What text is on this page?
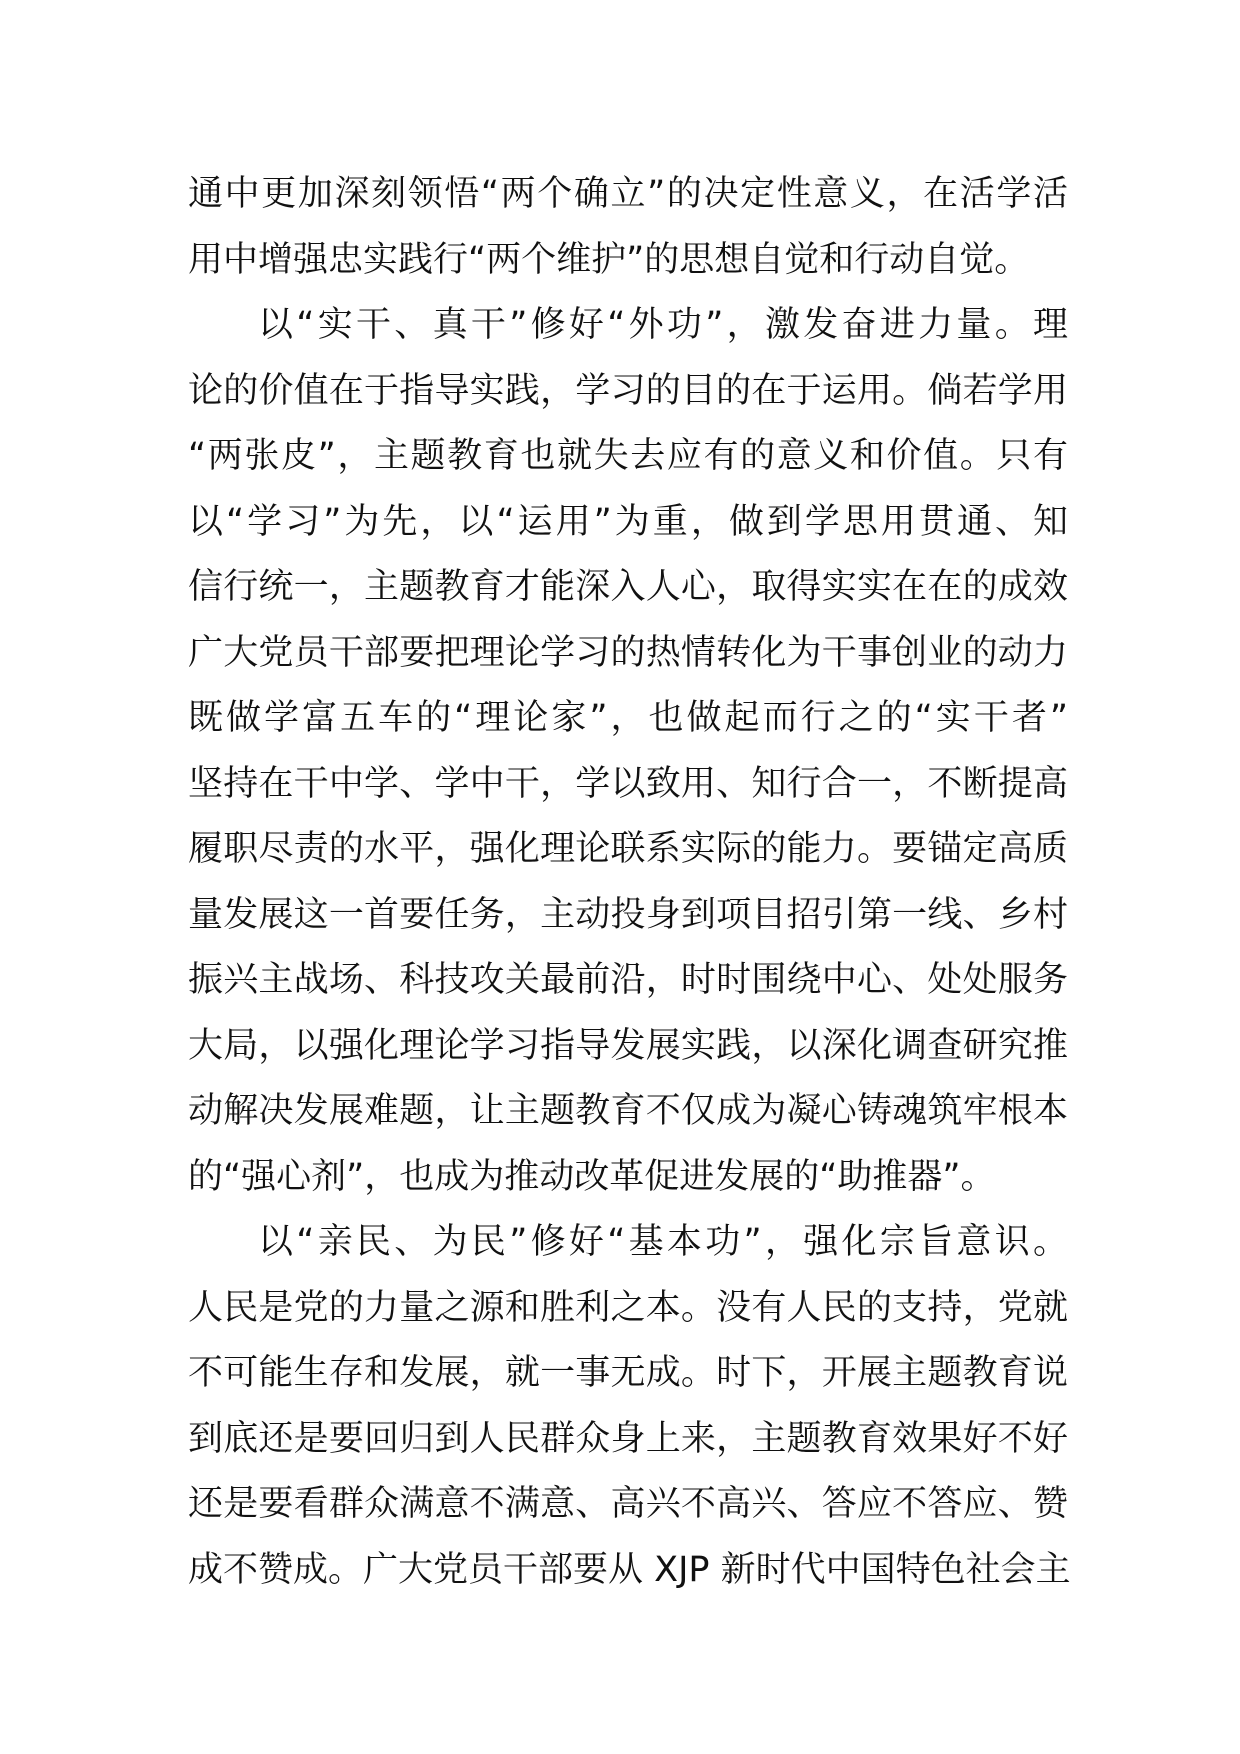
通中更加深刻领悟“两个确立”的决定性意义，在活学活
用中增强忠实践行“两个维护”的思想自觉和行动自觉。
以“实干、真干”修好“外功”，激发奋进力量。理
论的价值在于指导实践，学习的目的在于运用。倘若学用
“两张皮”，主题教育也就失去应有的意义和价值。只有
以“学习”为先，以“运用”为重，做到学思用贯通、知
信行统一，主题教育才能深入人心，取得实实在在的成效
广大党员干部要把理论学习的热情转化为干事创业的动力
既做学富五车的“理论家”，也做起而行之的“实干者”
坚持在干中学、学中干，学以致用、知行合一，不断提高
履职尽责的水平，强化理论联系实际的能力。要锚定高质
量发展这一首要任务，主动投身到项目招引第一线、乡村
振兴主战场、科技攻关最前沿，时时围绕中心、处处服务
大局，以强化理论学习指导发展实践，以深化调查研究推
动解决发展难题，让主题教育不仅成为凝心铸魂筑牢根本
的“强心剂”，也成为推动改革促进发展的“助推器”。
以“亲民、为民”修好“基本功”，强化宗旨意识。
人民是党的力量之源和胜利之本。没有人民的支持，党就
不可能生存和发展，就一事无成。时下，开展主题教育说
到底还是要回归到人民群众身上来，主题教育效果好不好
还是要看群众满意不满意、高兴不高兴、答应不答应、赞
成不赞成。广大党员干部要从 XJP 新时代中国特色社会主
